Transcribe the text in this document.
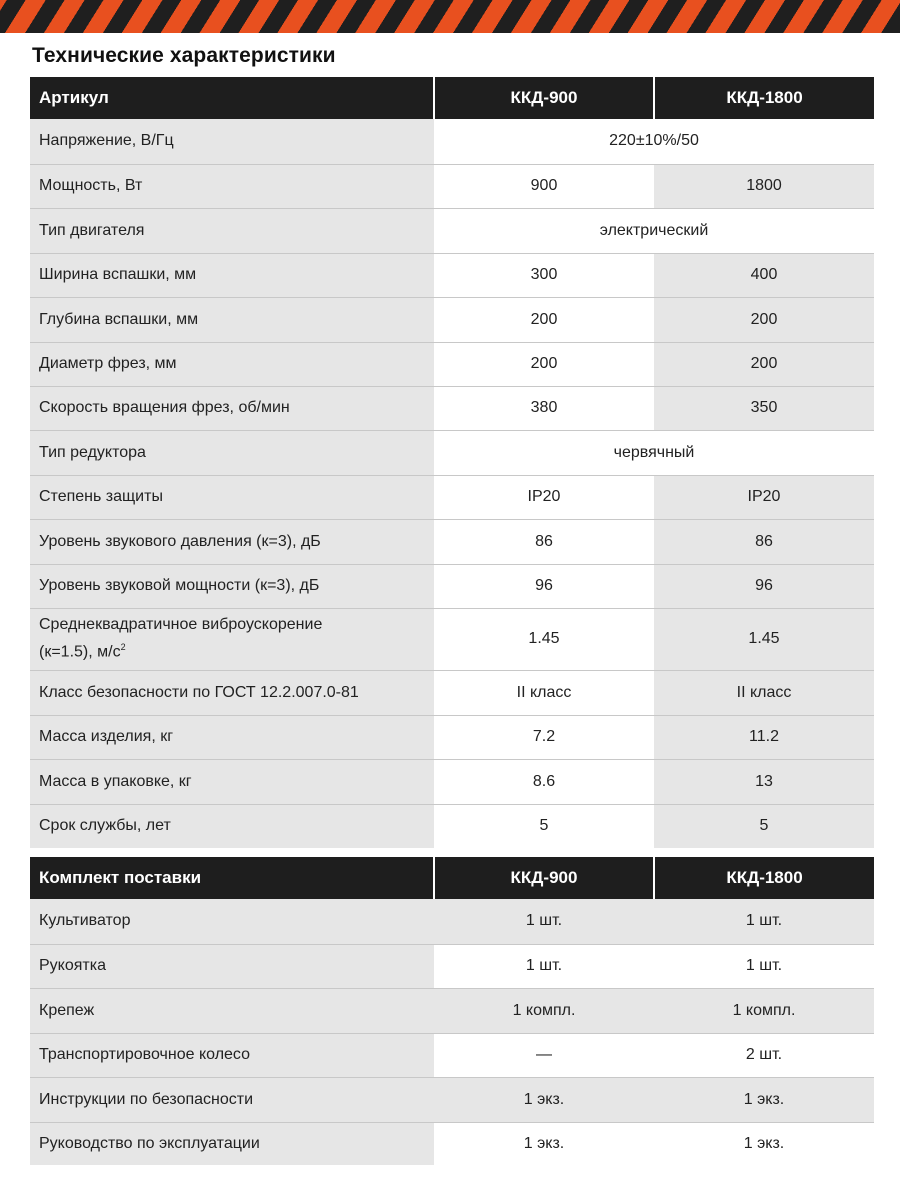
Технические характеристики
Артикул	ККД-900	ККД-1800
Напряжение, В/Гц	220±10%/50	
Мощность, Вт	900	1800
Тип двигателя	электрический	
Ширина вспашки, мм	300	400
Глубина вспашки, мм	200	200
Диаметр фрез, мм	200	200
Скорость вращения фрез, об/мин	380	350
Тип редуктора	червячный	
Степень защиты	IP20	IP20
Уровень звукового давления (к=3), дБ	86	86
Уровень звуковой мощности (к=3), дБ	96	96
Среднеквадратичное виброускорение
(к=1.5), $м/с^2$	1.45	1.45
Класс безопасности по ГОСТ 12.2.007.0-81	II класс	II класс
Масса изделия, кг	7.2	11.2
Масса в упаковке, кг	8.6	13
Срок службы, лет	5	5
Комплект поставки	ККД-900	ККД-1800
Культиватор	1 шт.	1 шт.
Рукоятка	1 шт.	1 шт.
Крепеж	1 компл.	1 компл.
Транспортировочное колесо	—	2 шт.
Инструкции по безопасности	1 экз.	1 экз.
Руководство по эксплуатации	1 экз.	1 экз.
